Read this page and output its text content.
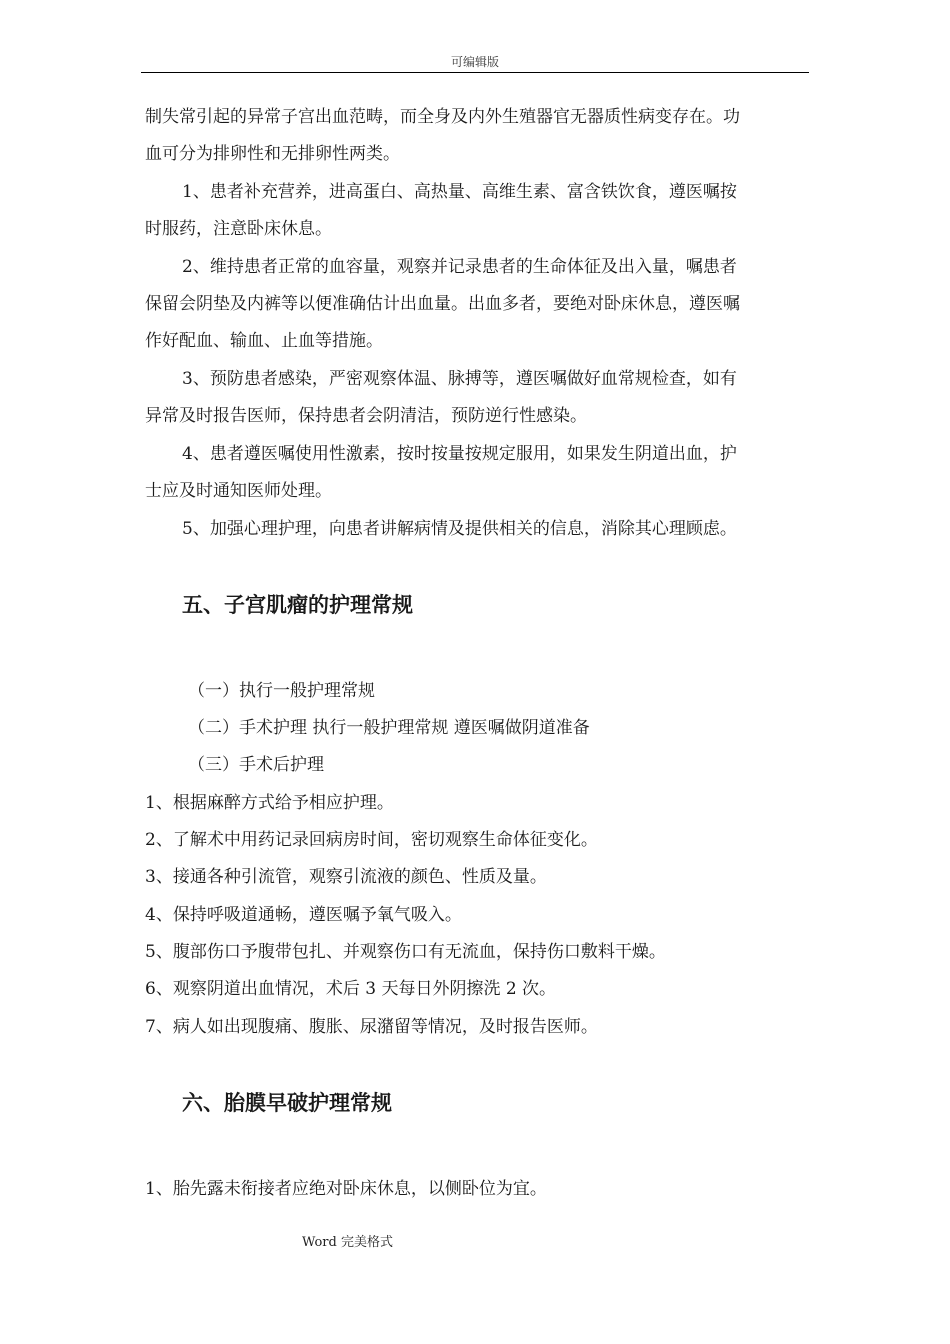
可编辑版

制失常引起的异常子宫出血范畴，而全身及内外生殖器官无器质性病变存在。功

血可分为排卵性和无排卵性两类。

1、患者补充营养，进高蛋白、高热量、高维生素、富含铁饮食，遵医嘱按

时服药，注意卧床休息。

2、维持患者正常的血容量，观察并记录患者的生命体征及出入量，嘱患者

保留会阴垫及内裤等以便准确估计出血量。出血多者，要绝对卧床休息，遵医嘱

作好配血、输血、止血等措施。

3、预防患者感染，严密观察体温、脉搏等，遵医嘱做好血常规检查，如有

异常及时报告医师，保持患者会阴清洁，预防逆行性感染。

4、患者遵医嘱使用性激素，按时按量按规定服用，如果发生阴道出血，护

士应及时通知医师处理。

5、加强心理护理，向患者讲解病情及提供相关的信息，消除其心理顾虑。

五、子宫肌瘤的护理常规

（一）执行一般护理常规

（二）手术护理 执行一般护理常规 遵医嘱做阴道准备

（三）手术后护理

1、根据麻醉方式给予相应护理。

2、了解术中用药记录回病房时间，密切观察生命体征变化。

3、接通各种引流管，观察引流液的颜色、性质及量。

4、保持呼吸道通畅，遵医嘱予氧气吸入。

5、腹部伤口予腹带包扎、并观察伤口有无流血，保持伤口敷料干燥。

6、观察阴道出血情况，术后 3 天每日外阴擦洗 2 次。

7、病人如出现腹痛、腹胀、尿潴留等情况，及时报告医师。

六、胎膜早破护理常规

1、胎先露未衔接者应绝对卧床休息，以侧卧位为宜。

Word 完美格式
